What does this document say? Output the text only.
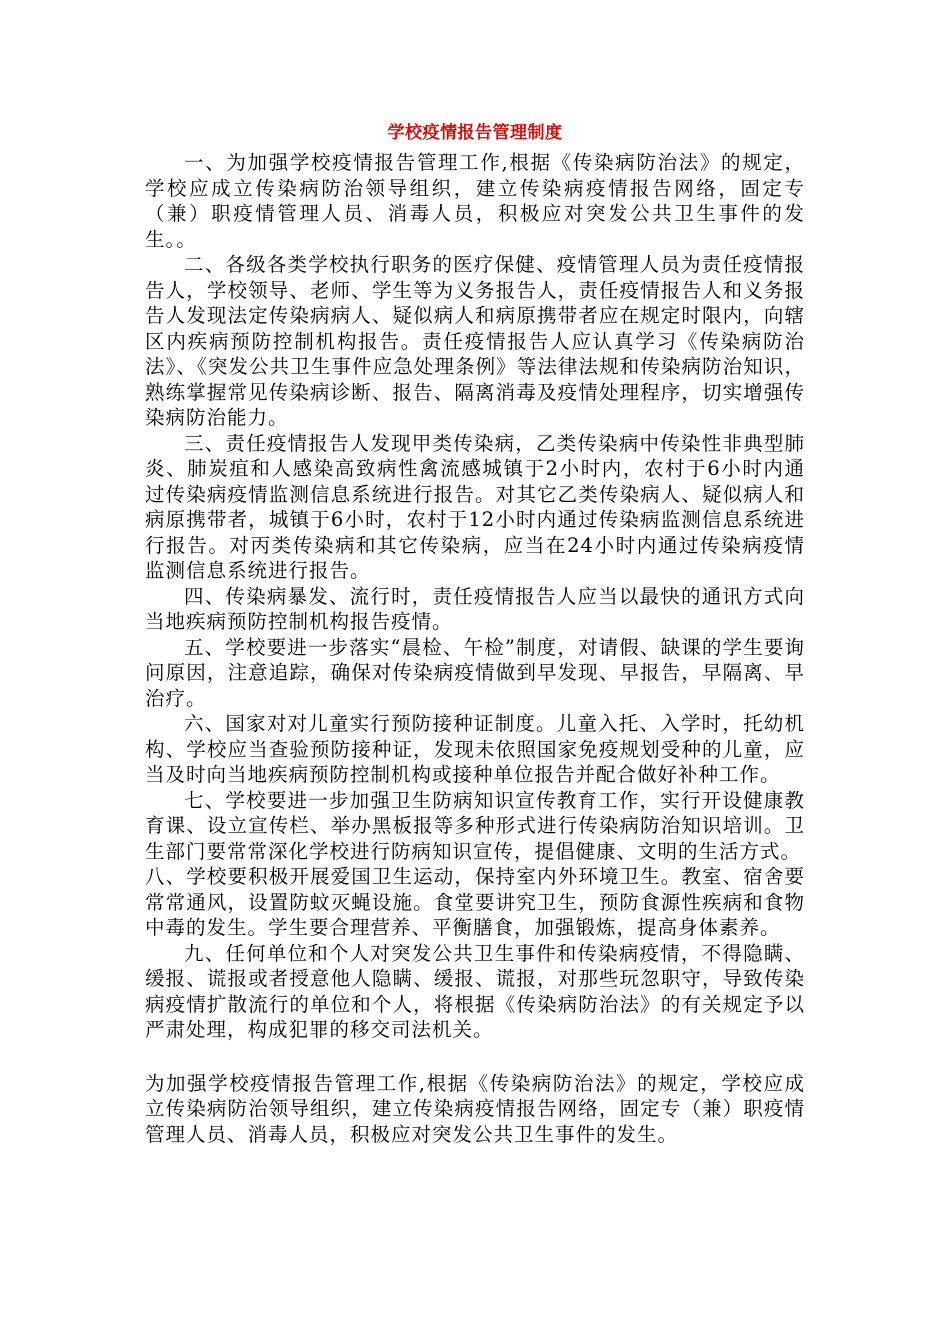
学校疫情报告管理制度

一、为加强学校疫情报告管理工作,根据《传染病防治法》的规定，学校应成立传染病防治领导组织，建立传染病疫情报告网络，固定专（兼）职疫情管理人员、消毒人员，积极应对突发公共卫生事件的发生。。

二、各级各类学校执行职务的医疗保健、疫情管理人员为责任疫情报告人，学校领导、老师、学生等为义务报告人，责任疫情报告人和义务报告人发现法定传染病病人、疑似病人和病原携带者应在规定时限内，向辖区内疾病预防控制机构报告。责任疫情报告人应认真学习《传染病防治法》、《突发公共卫生事件应急处理条例》等法律法规和传染病防治知识，熟练掌握常见传染病诊断、报告、隔离消毒及疫情处理程序，切实增强传染病防治能力。

三、责任疫情报告人发现甲类传染病，乙类传染病中传染性非典型肺炎、肺炭疽和人感染高致病性禽流感城镇于2小时内，农村于6小时内通过传染病疫情监测信息系统进行报告。对其它乙类传染病人、疑似病人和病原携带者，城镇于6小时，农村于12小时内通过传染病监测信息系统进行报告。对丙类传染病和其它传染病，应当在24小时内通过传染病疫情监测信息系统进行报告。

四、传染病暴发、流行时，责任疫情报告人应当以最快的通讯方式向当地疾病预防控制机构报告疫情。

五、学校要进一步落实“晨检、午检”制度，对请假、缺课的学生要询问原因，注意追踪，确保对传染病疫情做到早发现、早报告，早隔离、早治疗。

六、国家对对儿童实行预防接种证制度。儿童入托、入学时，托幼机构、学校应当查验预防接种证，发现未依照国家免疫规划受种的儿童，应当及时向当地疾病预防控制机构或接种单位报告并配合做好补种工作。

七、学校要进一步加强卫生防病知识宣传教育工作，实行开设健康教育课、设立宣传栏、举办黑板报等多种形式进行传染病防治知识培训。卫生部门要常常深化学校进行防病知识宣传，提倡健康、文明的生活方式。

八、学校要积极开展爱国卫生运动，保持室内外环境卫生。教室、宿舍要常常通风，设置防蚊灭蝇设施。食堂要讲究卫生，预防食源性疾病和食物中毒的发生。学生要合理营养、平衡膳食，加强锻炼，提高身体素养。

九、任何单位和个人对突发公共卫生事件和传染病疫情，不得隐瞒、缓报、谎报或者授意他人隐瞒、缓报、谎报，对那些玩忽职守，导致传染病疫情扩散流行的单位和个人，将根据《传染病防治法》的有关规定予以严肃处理，构成犯罪的移交司法机关。

为加强学校疫情报告管理工作,根据《传染病防治法》的规定，学校应成立传染病防治领导组织，建立传染病疫情报告网络，固定专（兼）职疫情管理人员、消毒人员，积极应对突发公共卫生事件的发生。
